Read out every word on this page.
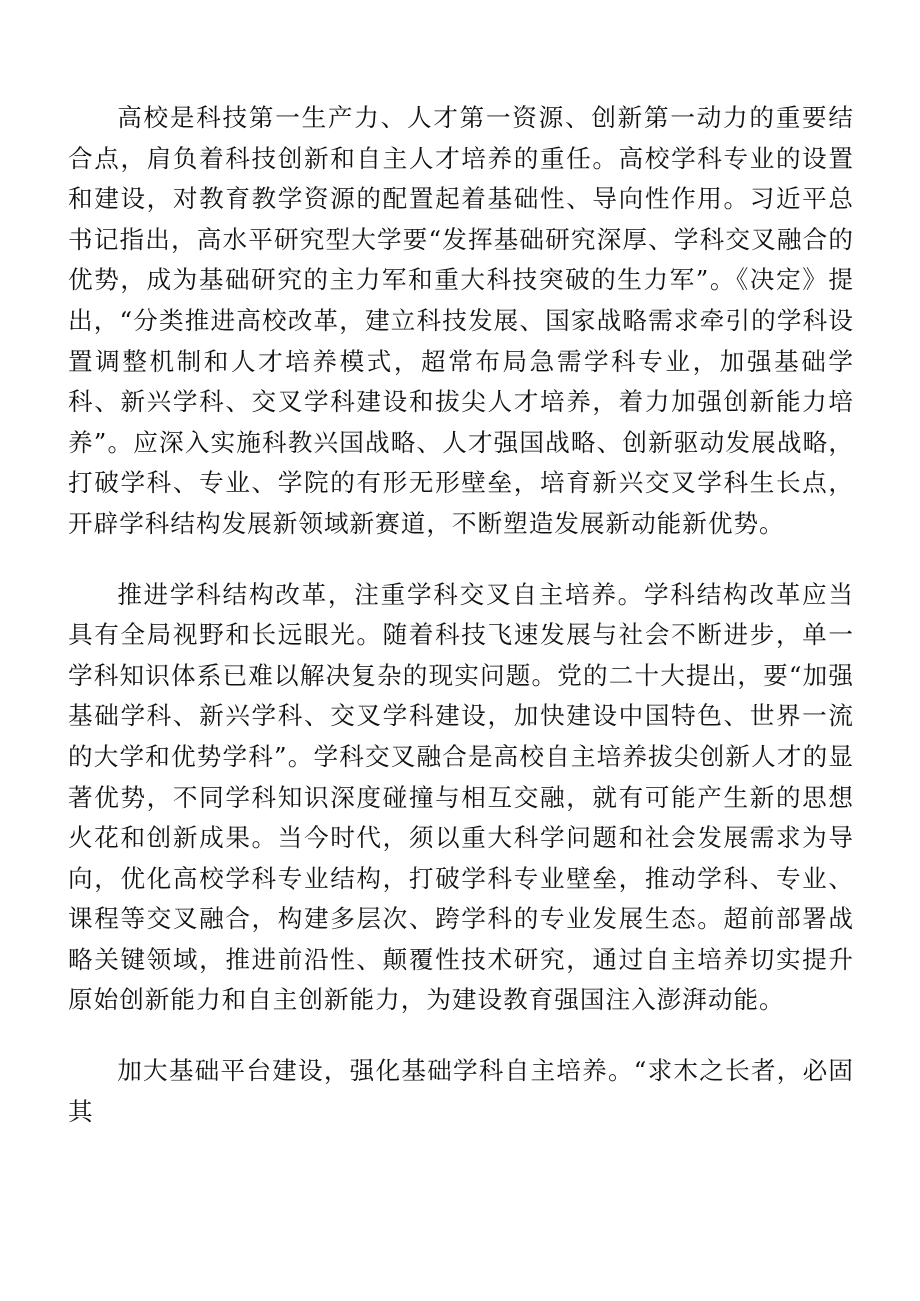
高校是科技第一生产力、人才第一资源、创新第一动力的重要结合点，肩负着科技创新和自主人才培养的重任。高校学科专业的设置和建设，对教育教学资源的配置起着基础性、导向性作用。习近平总书记指出，高水平研究型大学要“发挥基础研究深厚、学科交叉融合的优势，成为基础研究的主力军和重大科技突破的生力军”。《决定》提出，“分类推进高校改革，建立科技发展、国家战略需求牵引的学科设置调整机制和人才培养模式，超常布局急需学科专业，加强基础学科、新兴学科、交叉学科建设和拔尖人才培养，着力加强创新能力培养”。应深入实施科教兴国战略、人才强国战略、创新驱动发展战略，打破学科、专业、学院的有形无形壁垒，培育新兴交叉学科生长点，开辟学科结构发展新领域新赛道，不断塑造发展新动能新优势。

推进学科结构改革，注重学科交叉自主培养。学科结构改革应当具有全局视野和长远眼光。随着科技飞速发展与社会不断进步，单一学科知识体系已难以解决复杂的现实问题。党的二十大提出，要“加强基础学科、新兴学科、交叉学科建设，加快建设中国特色、世界一流的大学和优势学科”。学科交叉融合是高校自主培养拔尖创新人才的显著优势，不同学科知识深度碰撞与相互交融，就有可能产生新的思想火花和创新成果。当今时代，须以重大科学问题和社会发展需求为导向，优化高校学科专业结构，打破学科专业壁垒，推动学科、专业、课程等交叉融合，构建多层次、跨学科的专业发展生态。超前部署战略关键领域，推进前沿性、颠覆性技术研究，通过自主培养切实提升原始创新能力和自主创新能力，为建设教育强国注入澎湃动能。

加大基础平台建设，强化基础学科自主培养。“求木之长者，必固其
